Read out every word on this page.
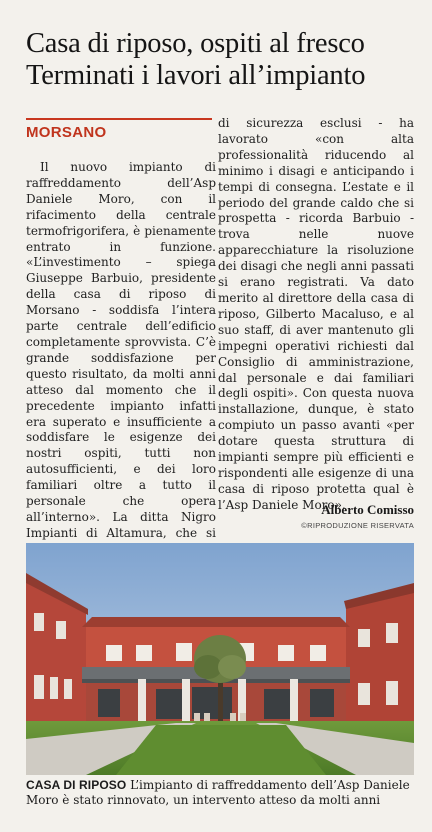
Casa di riposo, ospiti al fresco
Terminati i lavori all’impianto
MORSANO

Il nuovo impianto di raffreddamento dell’Asp Daniele Moro, con il rifacimento della centrale termofrigorifera, è pienamente entrato in funzione. «L’investimento – spiega Giuseppe Barbuio, presidente della casa di riposo di Morsano - soddisfa l’intera parte centrale dell’edificio completamente sprovvista. C’è grande soddisfazione per questo risultato, da molti anni atteso dal momento che il precedente impianto infatti era superato e insufficiente a soddisfare le esigenze dei nostri ospiti, tutti non autosufficienti, e dei loro familiari oltre a tutto il personale che opera all’interno». La ditta Nigro Impianti di Altamura, che si

di sicurezza esclusi - ha lavorato «con alta professionalità riducendo al minimo i disagi e anticipando i tempi di consegna. L’estate e il periodo del grande caldo che si prospetta - ricorda Barbuio - trova nelle nuove apparecchiature la risoluzione dei disagi che negli anni passati si erano registrati. Va dato merito al direttore della casa di riposo, Gilberto Macaluso, e al suo staff, di aver mantenuto gli impegni operativi richiesti dal Consiglio di amministrazione, dal personale e dai familiari degli ospiti». Con questa nuova installazione, dunque, è stato compiuto un passo avanti «per dotare questa struttura di impianti sempre più efficienti e rispondenti alle esigenze di una casa di riposo protetta qual è l’Asp Daniele Moro».

Alberto Comisso
©RIPRODUZIONE RISERVATA
CASA DI RIPOSO L’impianto di raffreddamento dell’Asp Daniele Moro è stato rinnovato, un intervento atteso da molti anni
